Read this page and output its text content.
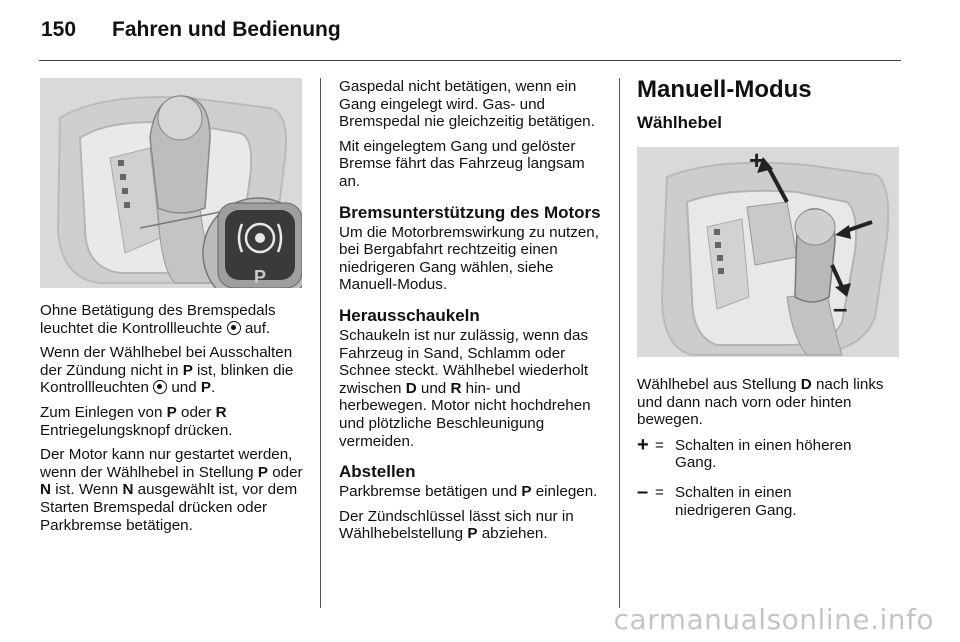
150 Fahren und Bedienung
P

Ohne Betätigung des Bremspedals leuchtet die Kontrollleuchte  auf.

Wenn der Wählhebel bei Ausschalten der Zündung nicht in P ist, blinken die Kontrollleuchten  und P.

Zum Einlegen von P oder R Entriegelungsknopf drücken.

Der Motor kann nur gestartet werden, wenn der Wählhebel in Stellung P oder N ist. Wenn N ausgewählt ist, vor dem Starten Bremspedal drücken oder Parkbremse betätigen.

Gaspedal nicht betätigen, wenn ein Gang eingelegt wird. Gas- und Bremspedal nie gleichzeitig betätigen.

Mit eingelegtem Gang und gelöster Bremse fährt das Fahrzeug langsam an.

Bremsunterstützung des Motors

Um die Motorbremswirkung zu nutzen, bei Bergabfahrt rechtzeitig einen niedrigeren Gang wählen, siehe Manuell-Modus.

Herausschaukeln

Schaukeln ist nur zulässig, wenn das Fahrzeug in Sand, Schlamm oder Schnee steckt. Wählhebel wiederholt zwischen D und R hin- und herbewegen. Motor nicht hochdrehen und plötzliche Beschleunigung vermeiden.

Abstellen

Parkbremse betätigen und P einlegen.

Der Zündschlüssel lässt sich nur in Wählhebelstellung P abziehen.

Manuell-Modus
Wählhebel
+
–

Wählhebel aus Stellung D nach links und dann nach vorn oder hinten bewegen.

+ = Schalten in einen höheren Gang.
– = Schalten in einen niedrigeren Gang.
carmanualsonline.info
